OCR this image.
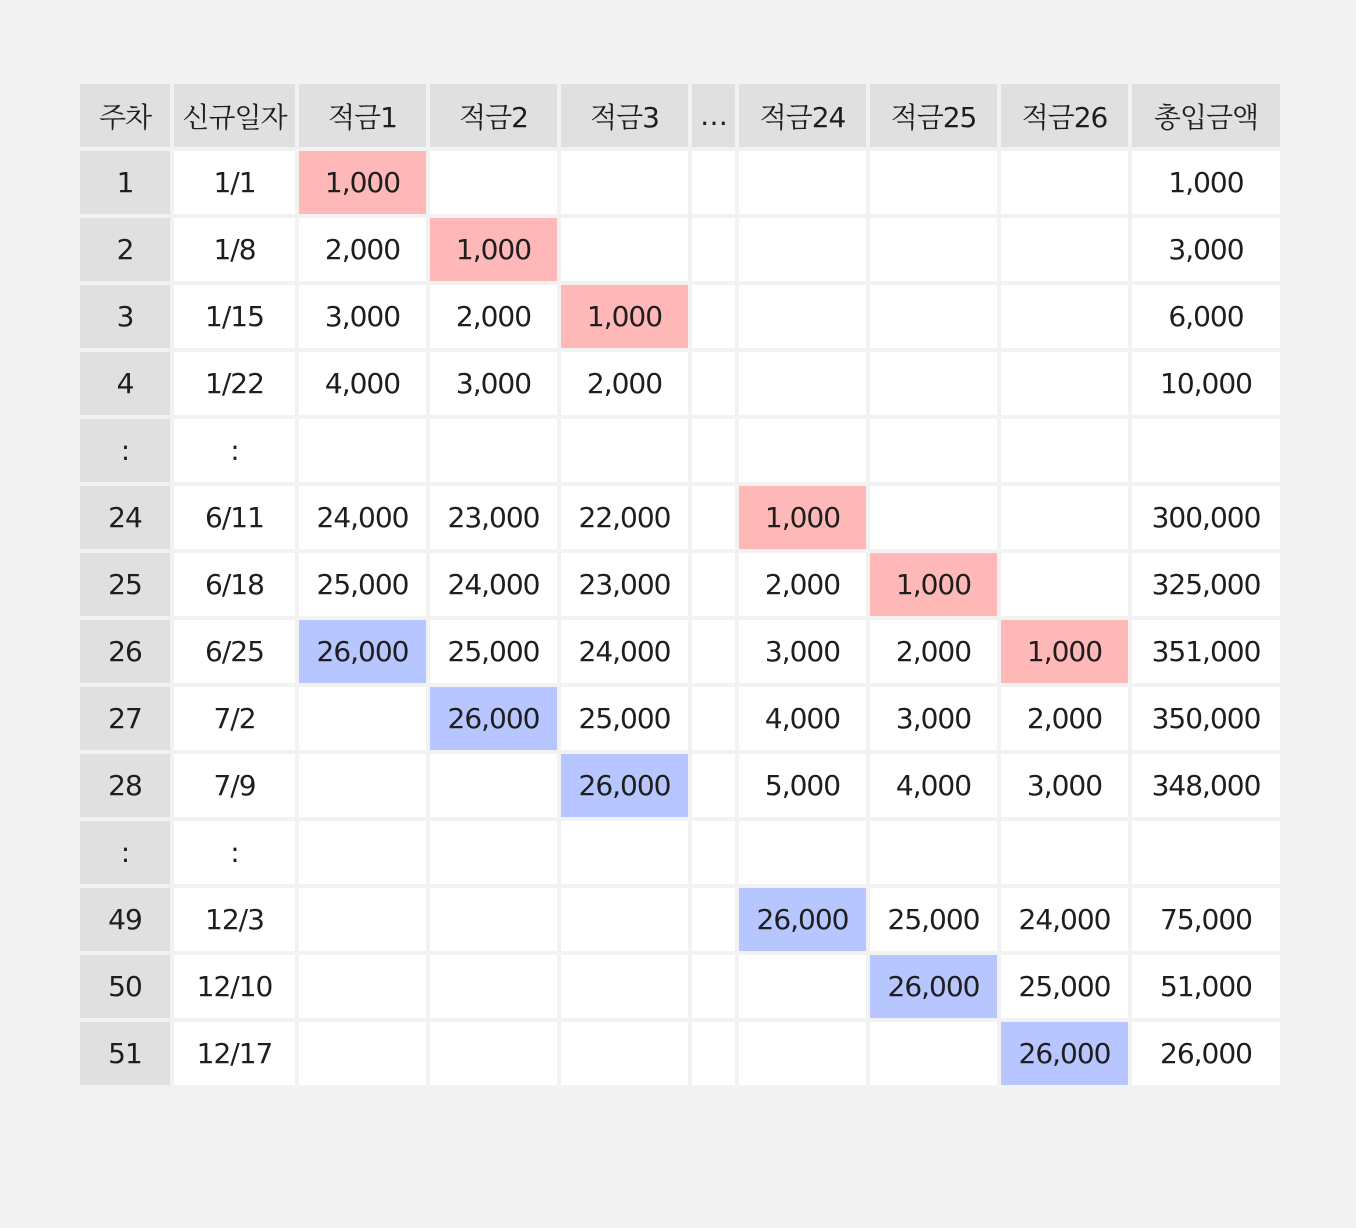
주차	신규일자	적금1	적금2	적금3	…	적금24	적금25	적금26	총입금액
1	1/1	1,000							1,000
2	1/8	2,000	1,000						3,000
3	1/15	3,000	2,000	1,000					6,000
4	1/22	4,000	3,000	2,000					10,000
:	:								
24	6/11	24,000	23,000	22,000		1,000			300,000
25	6/18	25,000	24,000	23,000		2,000	1,000		325,000
26	6/25	26,000	25,000	24,000		3,000	2,000	1,000	351,000
27	7/2		26,000	25,000		4,000	3,000	2,000	350,000
28	7/9			26,000		5,000	4,000	3,000	348,000
:	:								
49	12/3					26,000	25,000	24,000	75,000
50	12/10						26,000	25,000	51,000
51	12/17							26,000	26,000
